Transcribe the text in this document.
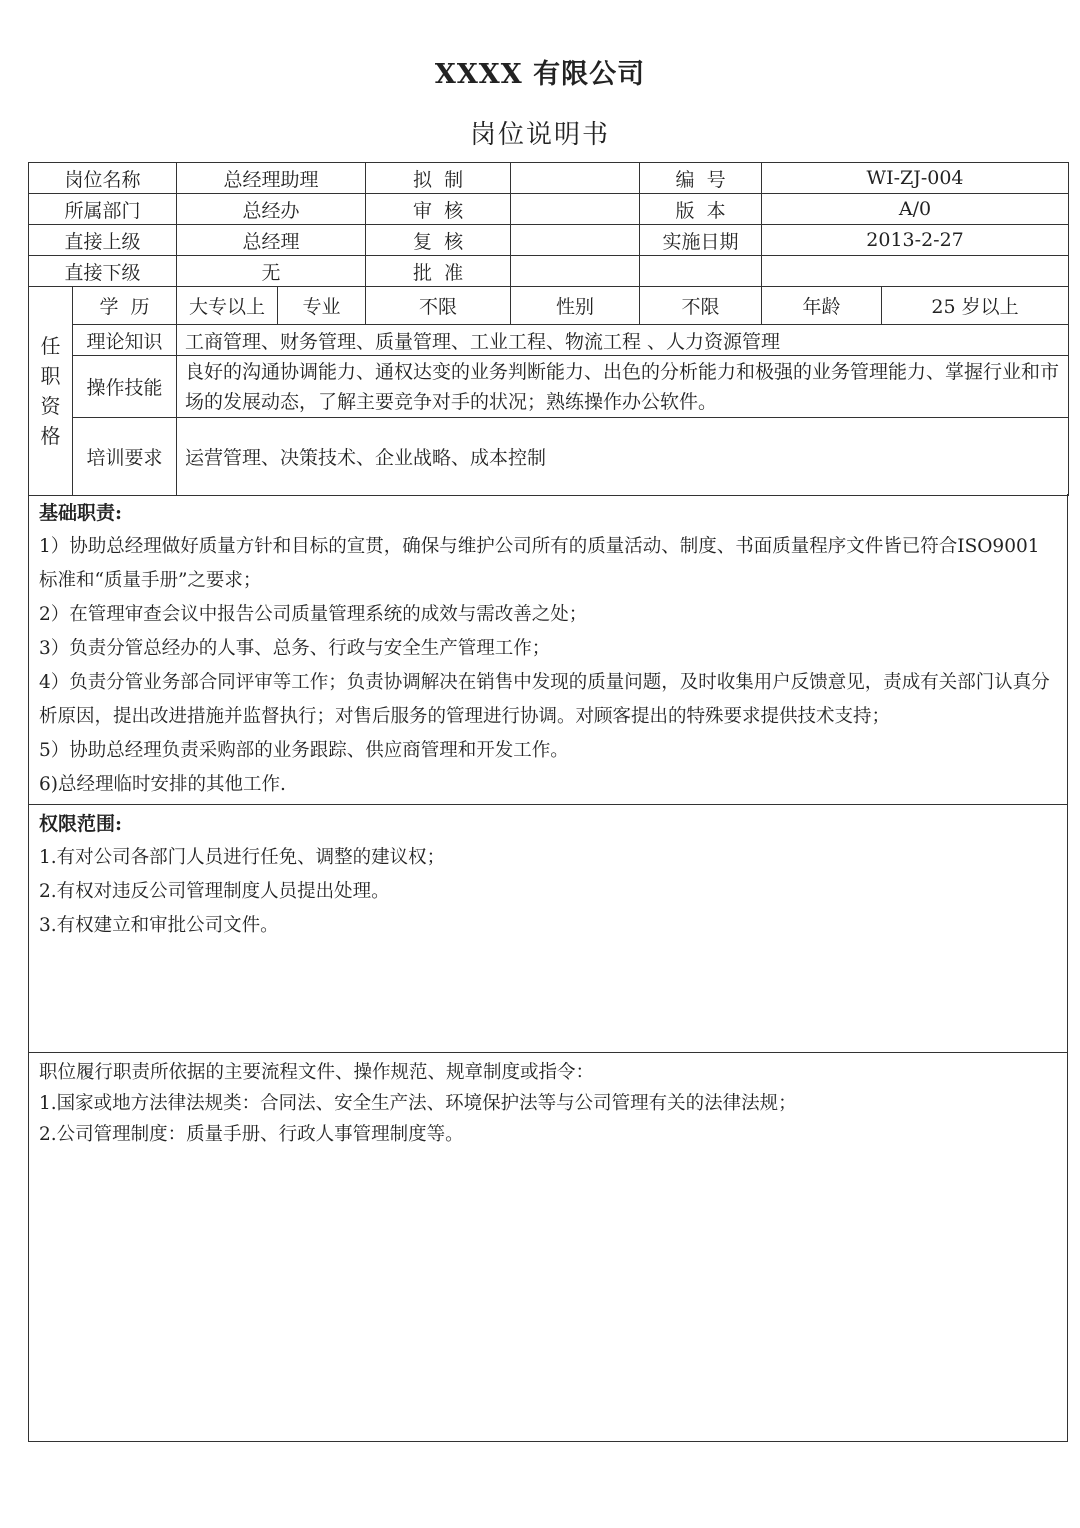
XXXX 有限公司
岗位说明书
岗位名称		总经理助理		拟  制		编  号	WI-ZJ-004	
所属部门		总经办		审  核		版  本	A/0	
直接上级		总经理		复  核		实施日期	2013-2-27	
直接下级		无		批  准				

任
职
资
格	学  历	大专以上	专业	不限	性别	不限	年龄	25 岁以上
	理论知识	工商管理、财务管理、质量管理、工业工程、物流工程 、人力资源管理						
	操作技能	良好的沟通协调能力、通权达变的业务判断能力、出色的分析能力和极强的业务管理能力、掌握行业和市场的发展动态，了解主要竞争对手的状况；熟练操作办公软件。						
	培训要求	运营管理、决策技术、企业战略、成本控制						

基础职责:

1）协助总经理做好质量方针和目标的宣贯，确保与维护公司所有的质量活动、制度、书面质量程序文件皆已符合ISO9001 标准和“质量手册”之要求；

2）在管理审查会议中报告公司质量管理系统的成效与需改善之处；

3）负责分管总经办的人事、总务、行政与安全生产管理工作；

4）负责分管业务部合同评审等工作；负责协调解决在销售中发现的质量问题，及时收集用户反馈意见，责成有关部门认真分析原因，提出改进措施并监督执行；对售后服务的管理进行协调。对顾客提出的特殊要求提供技术支持；

5）协助总经理负责采购部的业务跟踪、供应商管理和开发工作。

6)总经理临时安排的其他工作.

权限范围:

1.有对公司各部门人员进行任免、调整的建议权；

2.有权对违反公司管理制度人员提出处理。

3.有权建立和审批公司文件。

职位履行职责所依据的主要流程文件、操作规范、规章制度或指令：

1.国家或地方法律法规类：合同法、安全生产法、环境保护法等与公司管理有关的法律法规；

2.公司管理制度：质量手册、行政人事管理制度等。
